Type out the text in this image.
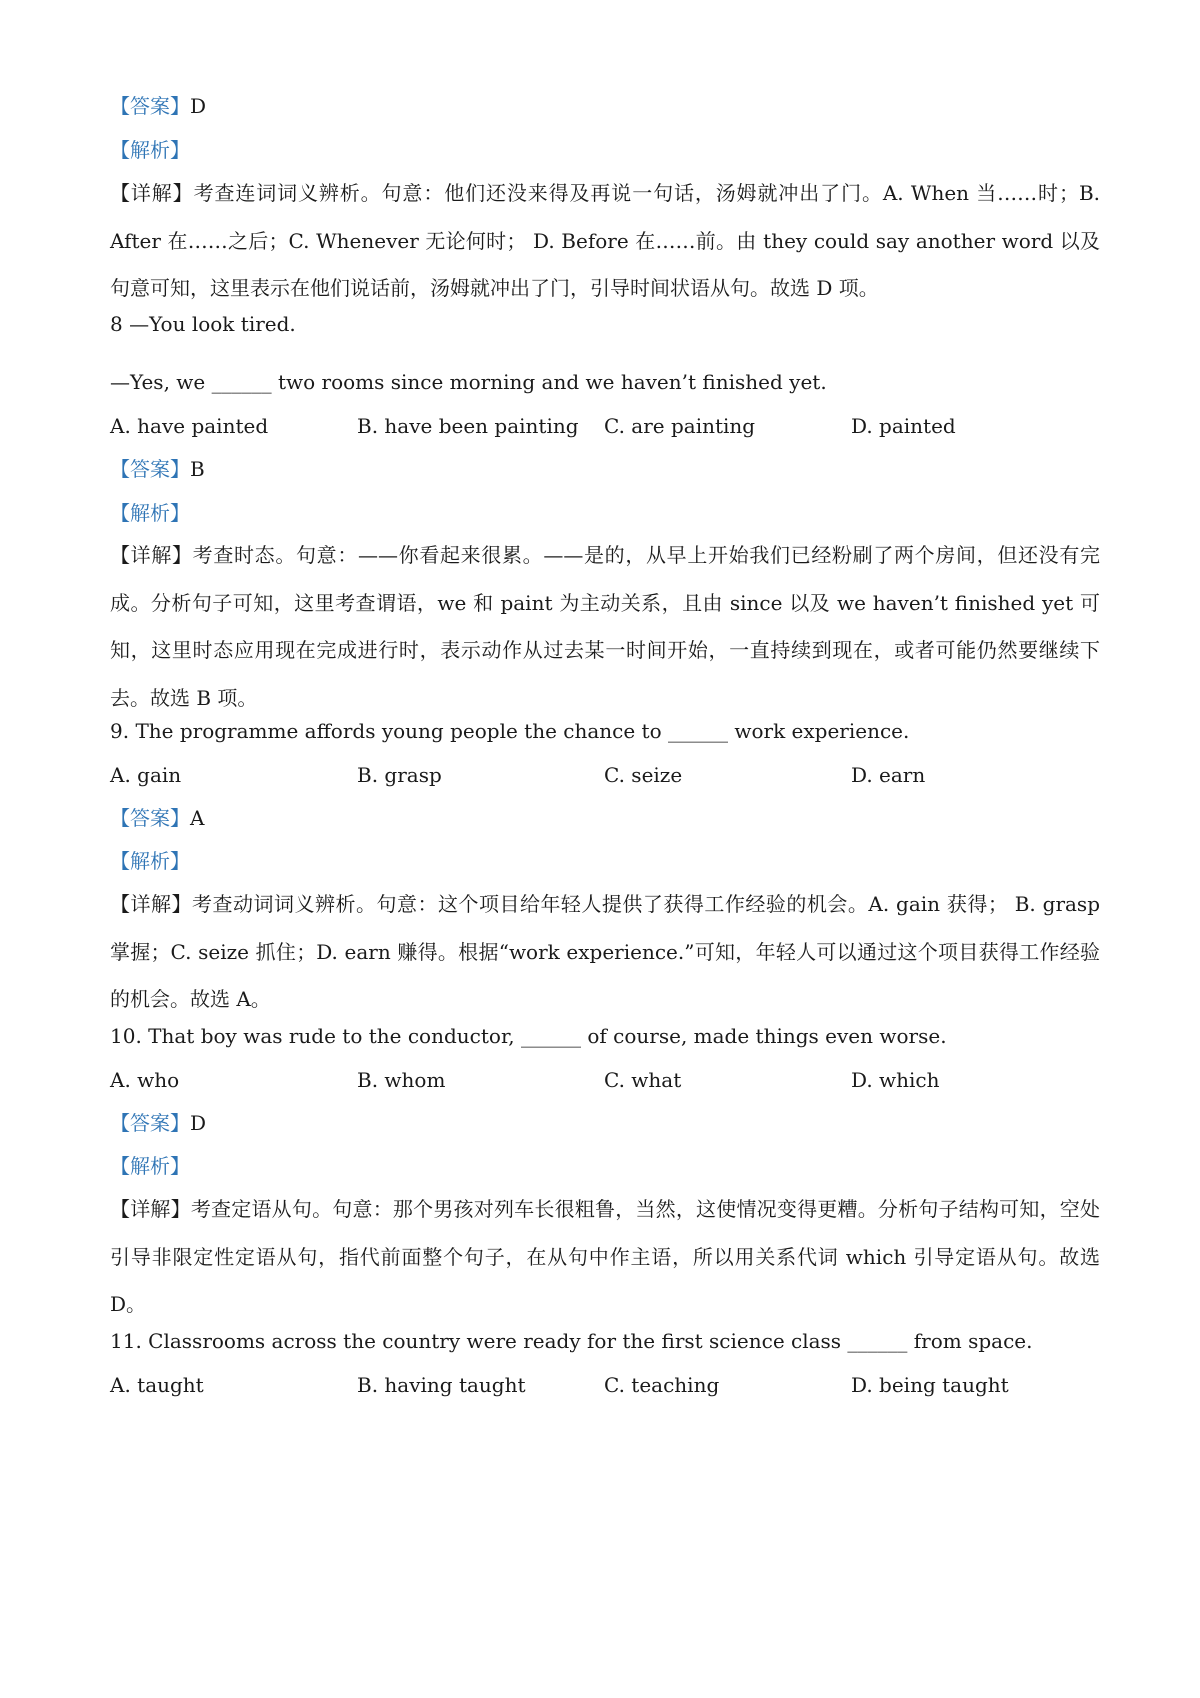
【答案】D
【解析】
【详解】考查连词词义辨析。句意：他们还没来得及再说一句话，汤姆就冲出了门。A. When 当……时；B. After 在……之后；C. Whenever 无论何时； D. Before 在……前。由 they could say another word 以及句意可知，这里表示在他们说话前，汤姆就冲出了门，引导时间状语从句。故选 D 项。
8 —You look tired.
—Yes, we ______ two rooms since morning and we haven’t finished yet.
A. have painted	B. have been painting C. are painting	D. painted
【答案】B
【解析】
【详解】考查时态。句意：——你看起来很累。——是的，从早上开始我们已经粉刷了两个房间，但还没有完成。分析句子可知，这里考查谓语，we 和 paint 为主动关系，且由 since 以及 we haven’t finished yet 可知，这里时态应用现在完成进行时，表示动作从过去某一时间开始，一直持续到现在，或者可能仍然要继续下去。故选 B 项。
9. The programme affords young people the chance to ______ work experience.
A. gain	B. grasp	C. seize	D. earn
【答案】A
【解析】
【详解】考查动词词义辨析。句意：这个项目给年轻人提供了获得工作经验的机会。A. gain 获得； B. grasp 掌握；C. seize 抓住；D. earn 赚得。根据“work experience.”可知，年轻人可以通过这个项目获得工作经验的机会。故选 A。
10. That boy was rude to the conductor, ______ of course, made things even worse.
A. who	B. whom	C. what	D. which
【答案】D
【解析】
【详解】考查定语从句。句意：那个男孩对列车长很粗鲁，当然，这使情况变得更糟。分析句子结构可知，空处引导非限定性定语从句，指代前面整个句子，在从句中作主语，所以用关系代词 which 引导定语从句。故选 D。
11. Classrooms across the country were ready for the first science class ______ from space.
A. taught	B. having taught	C. teaching	D. being taught
